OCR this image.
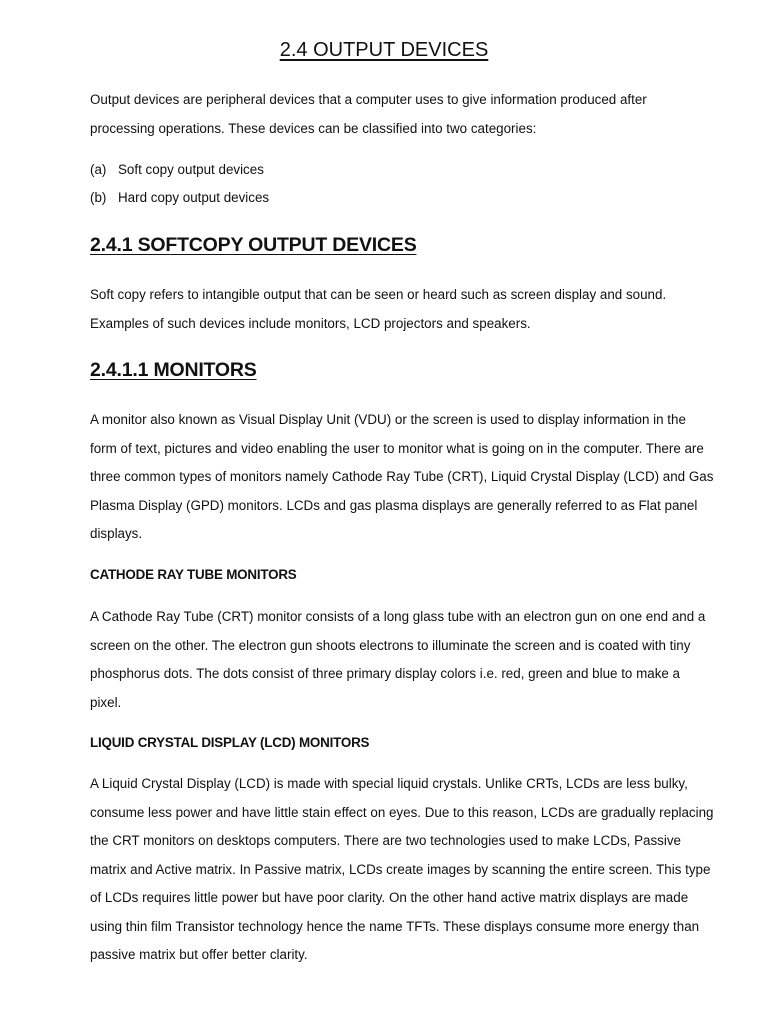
2.4 OUTPUT DEVICES

Output devices are peripheral devices that a computer uses to give information produced after processing operations. These devices can be classified into two categories:

(a) Soft copy output devices
(b) Hard copy output devices
2.4.1 SOFTCOPY OUTPUT DEVICES

Soft copy refers to intangible output that can be seen or heard such as screen display and sound. Examples of such devices include monitors, LCD projectors and speakers.

2.4.1.1 MONITORS

A monitor also known as Visual Display Unit (VDU) or the screen is used to display information in the form of text, pictures and video enabling the user to monitor what is going on in the computer. There are three common types of monitors namely Cathode Ray Tube (CRT), Liquid Crystal Display (LCD) and Gas Plasma Display (GPD) monitors. LCDs and gas plasma displays are generally referred to as Flat panel displays.

CATHODE RAY TUBE MONITORS

A Cathode Ray Tube (CRT) monitor consists of a long glass tube with an electron gun on one end and a screen on the other. The electron gun shoots electrons to illuminate the screen and is coated with tiny phosphorus dots. The dots consist of three primary display colors i.e. red, green and blue to make a pixel.

LIQUID CRYSTAL DISPLAY (LCD) MONITORS

A Liquid Crystal Display (LCD) is made with special liquid crystals. Unlike CRTs, LCDs are less bulky, consume less power and have little stain effect on eyes. Due to this reason, LCDs are gradually replacing the CRT monitors on desktops computers. There are two technologies used to make LCDs, Passive matrix and Active matrix. In Passive matrix, LCDs create images by scanning the entire screen. This type of LCDs requires little power but have poor clarity. On the other hand active matrix displays are made using thin film Transistor technology hence the name TFTs. These displays consume more energy than passive matrix but offer better clarity.
